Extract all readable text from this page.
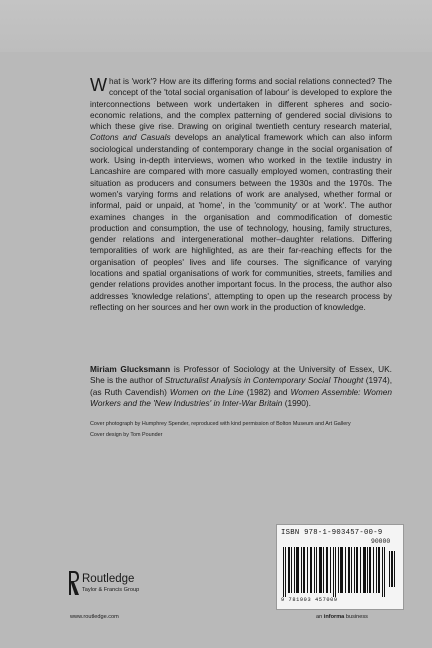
What is 'work'? How are its differing forms and social relations connected? The concept of the 'total social organisation of labour' is developed to explore the interconnections between work undertaken in different spheres and socio-economic relations, and the complex patterning of gendered social divisions to which these give rise. Drawing on original twentieth century research material, Cottons and Casuals develops an analytical framework which can also inform sociological understanding of contemporary change in the social organisation of work. Using in-depth interviews, women who worked in the textile industry in Lancashire are compared with more casually employed women, contrasting their situation as producers and consumers between the 1930s and the 1970s. The women's varying forms and relations of work are analysed, whether formal or informal, paid or unpaid, at 'home', in the 'community' or at 'work'. The author examines changes in the organisation and commodification of domestic production and consumption, the use of technology, housing, family structures, gender relations and intergenerational mother–daughter relations. Differing temporalities of work are highlighted, as are their far-reaching effects for the organisation of peoples' lives and life courses. The significance of varying locations and spatial organisations of work for communities, streets, families and gender relations provides another important focus. In the process, the author also addresses 'knowledge relations', attempting to open up the research process by reflecting on her sources and her own work in the production of knowledge.
Miriam Glucksmann is Professor of Sociology at the University of Essex, UK. She is the author of Structuralist Analysis in Contemporary Social Thought (1974), (as Ruth Cavendish) Women on the Line (1982) and Women Assemble: Women Workers and the 'New Industries' in Inter-War Britain (1990).

Cover photograph by Humphrey Spender, reproduced with kind permission of Bolton Museum and Art Gallery

Cover design by Tom Pounder

ISBN 978-1-903457-00-9
90000
9 781903 457009
Routledge
Taylor & Francis Group
www.routledge.com	an informa business
